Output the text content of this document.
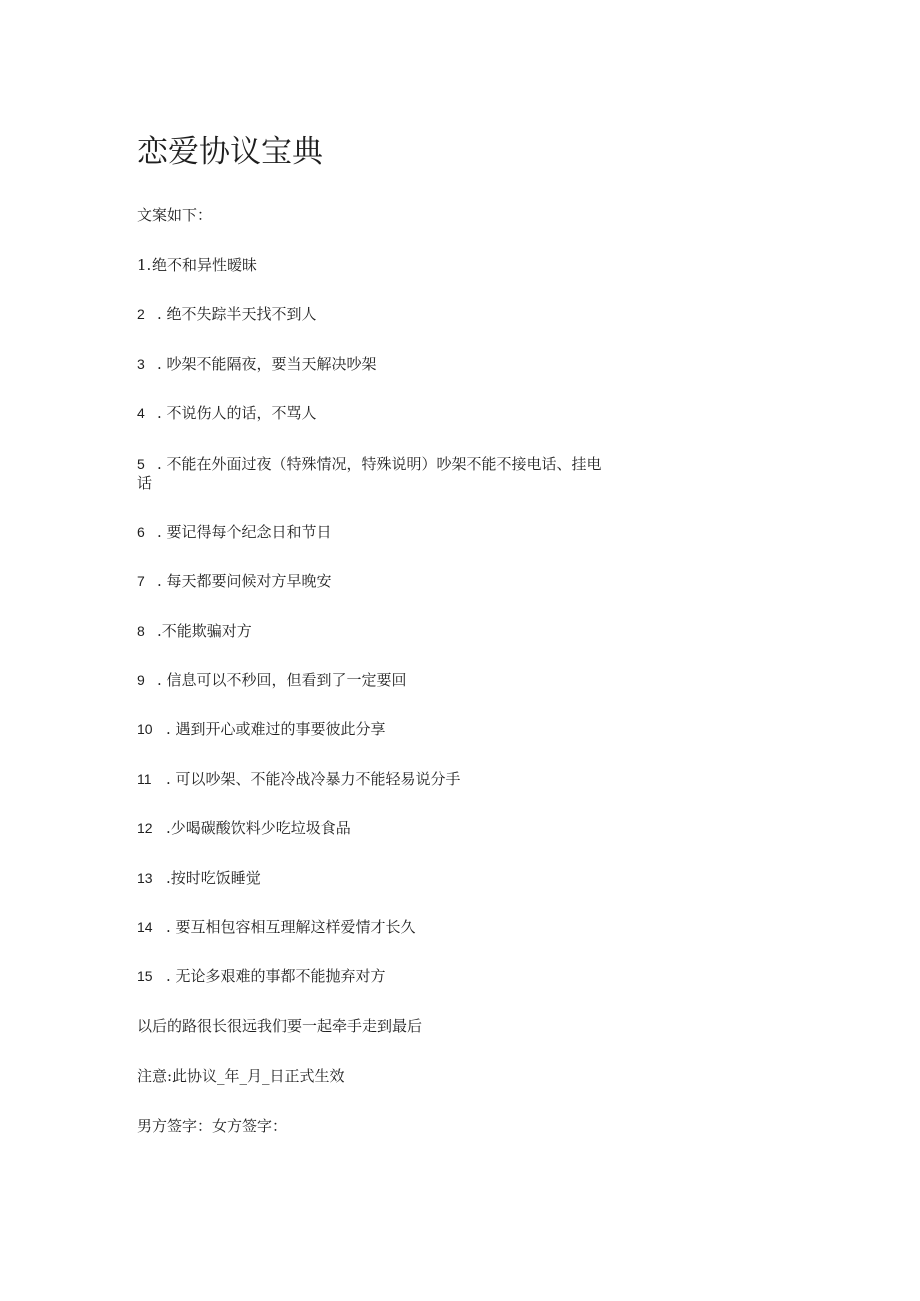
恋爱协议宝典
文案如下：
1.绝不和异性暧昧
2 . 绝不失踪半天找不到人
3 . 吵架不能隔夜，要当天解决吵架
4 . 不说伤人的话，不骂人
5 . 不能在外面过夜（特殊情况，特殊说明）吵架不能不接电话、挂电
话
6 . 要记得每个纪念日和节日
7 . 每天都要问候对方早晚安
8 .不能欺骗对方
9 . 信息可以不秒回，但看到了一定要回
10 . 遇到开心或难过的事要彼此分享
11 . 可以吵架、不能冷战冷暴力不能轻易说分手
12 .少喝碳酸饮料少吃垃圾食品
13 .按时吃饭睡觉
14 . 要互相包容相互理解这样爱情才长久
15 . 无论多艰难的事都不能抛弃对方
以后的路很长很远我们要一起牵手走到最后
注意:此协议_年_月_日正式生效
男方签字：女方签字：
